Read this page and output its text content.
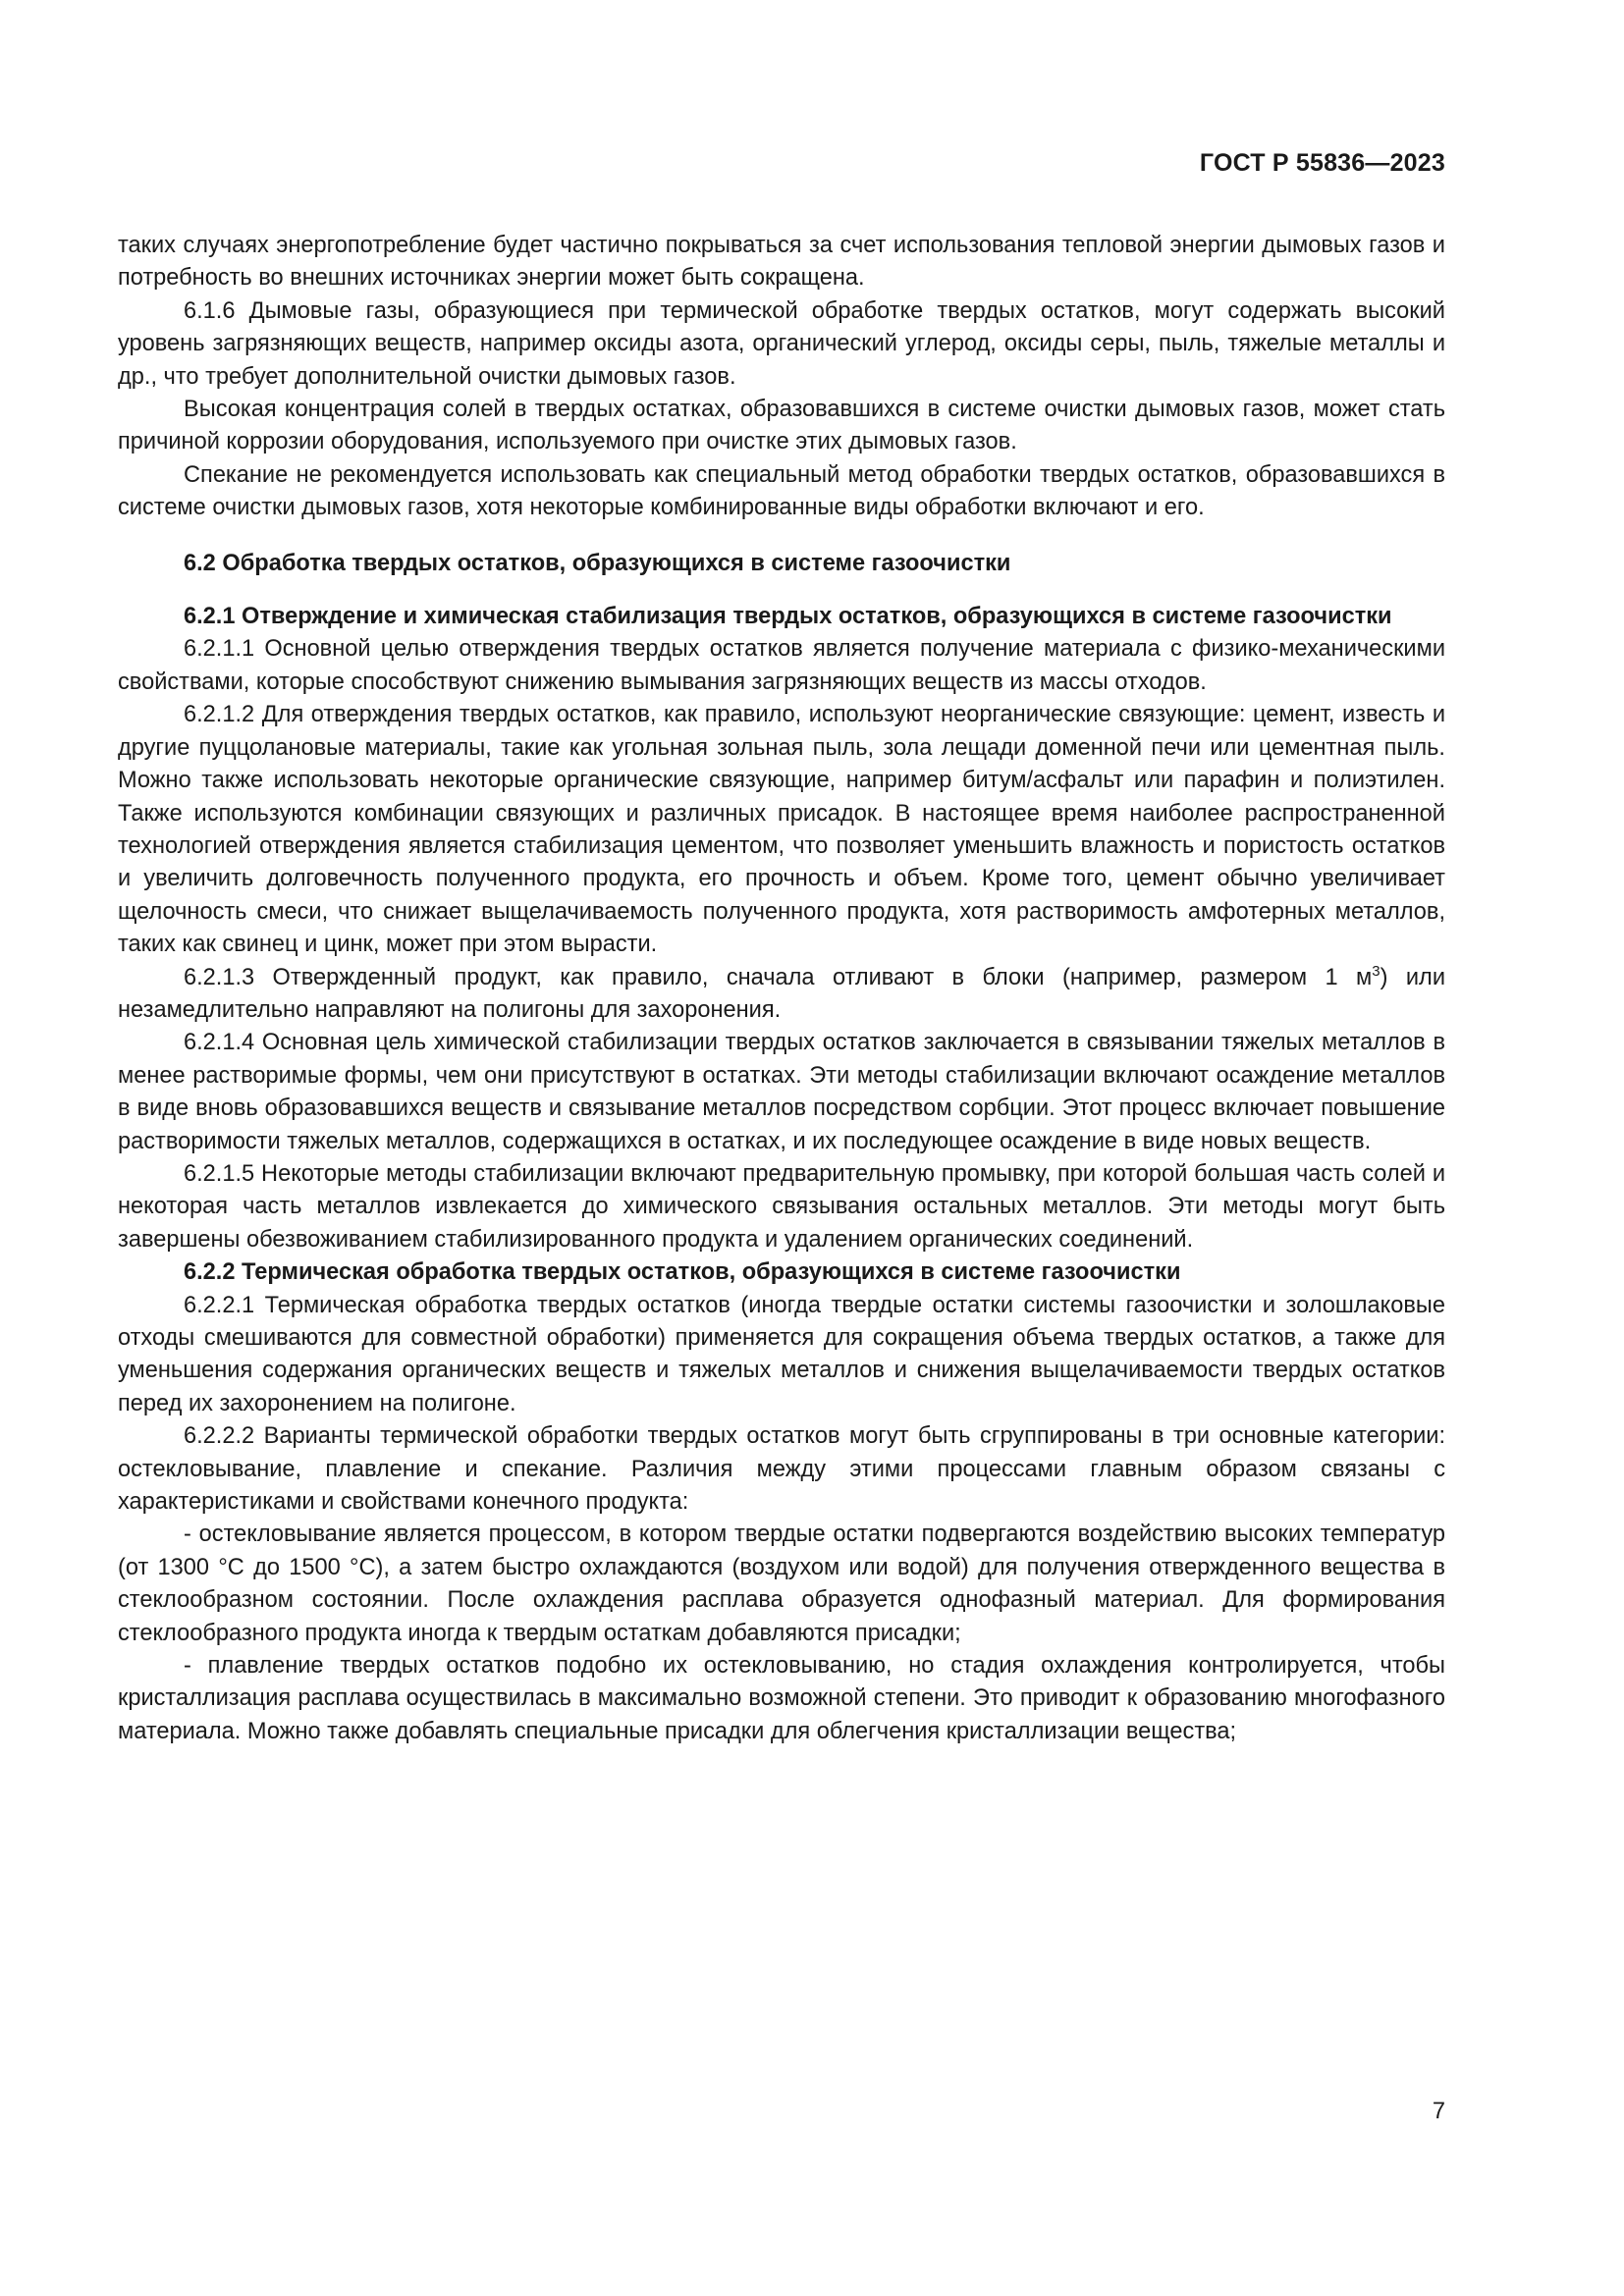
ГОСТ Р 55836—2023

таких случаях энергопотребление будет частично покрываться за счет использования тепловой энергии дымовых газов и потребность во внешних источниках энергии может быть сокращена.

6.1.6 Дымовые газы, образующиеся при термической обработке твердых остатков, могут содержать высокий уровень загрязняющих веществ, например оксиды азота, органический углерод, оксиды серы, пыль, тяжелые металлы и др., что требует дополнительной очистки дымовых газов.

Высокая концентрация солей в твердых остатках, образовавшихся в системе очистки дымовых газов, может стать причиной коррозии оборудования, используемого при очистке этих дымовых газов.

Спекание не рекомендуется использовать как специальный метод обработки твердых остатков, образовавшихся в системе очистки дымовых газов, хотя некоторые комбинированные виды обработки включают и его.

6.2 Обработка твердых остатков, образующихся в системе газоочистки
6.2.1 Отверждение и химическая стабилизация твердых остатков, образующихся в системе газоочистки

6.2.1.1 Основной целью отверждения твердых остатков является получение материала с физико-механическими свойствами, которые способствуют снижению вымывания загрязняющих веществ из массы отходов.

6.2.1.2 Для отверждения твердых остатков, как правило, используют неорганические связующие: цемент, известь и другие пуццолановые материалы, такие как угольная зольная пыль, зола лещади доменной печи или цементная пыль. Можно также использовать некоторые органические связующие, например битум/асфальт или парафин и полиэтилен. Также используются комбинации связующих и различных присадок. В настоящее время наиболее распространенной технологией отверждения является стабилизация цементом, что позволяет уменьшить влажность и пористость остатков и увеличить долговечность полученного продукта, его прочность и объем. Кроме того, цемент обычно увеличивает щелочность смеси, что снижает выщелачиваемость полученного продукта, хотя растворимость амфотерных металлов, таких как свинец и цинк, может при этом вырасти.

6.2.1.3 Отвержденный продукт, как правило, сначала отливают в блоки (например, размером 1 $м^3$) или незамедлительно направляют на полигоны для захоронения.

6.2.1.4 Основная цель химической стабилизации твердых остатков заключается в связывании тяжелых металлов в менее растворимые формы, чем они присутствуют в остатках. Эти методы стабилизации включают осаждение металлов в виде вновь образовавшихся веществ и связывание металлов посредством сорбции. Этот процесс включает повышение растворимости тяжелых металлов, содержащихся в остатках, и их последующее осаждение в виде новых веществ.

6.2.1.5 Некоторые методы стабилизации включают предварительную промывку, при которой большая часть солей и некоторая часть металлов извлекается до химического связывания остальных металлов. Эти методы могут быть завершены обезвоживанием стабилизированного продукта и удалением органических соединений.

6.2.2 Термическая обработка твердых остатков, образующихся в системе газоочистки

6.2.2.1 Термическая обработка твердых остатков (иногда твердые остатки системы газоочистки и золошлаковые отходы смешиваются для совместной обработки) применяется для сокращения объема твердых остатков, а также для уменьшения содержания органических веществ и тяжелых металлов и снижения выщелачиваемости твердых остатков перед их захоронением на полигоне.

6.2.2.2 Варианты термической обработки твердых остатков могут быть сгруппированы в три основные категории: остекловывание, плавление и спекание. Различия между этими процессами главным образом связаны с характеристиками и свойствами конечного продукта:

- остекловывание является процессом, в котором твердые остатки подвергаются воздействию высоких температур (от 1300 °C до 1500 °C), а затем быстро охлаждаются (воздухом или водой) для получения отвержденного вещества в стеклообразном состоянии. После охлаждения расплава образуется однофазный материал. Для формирования стеклообразного продукта иногда к твердым остаткам добавляются присадки;

- плавление твердых остатков подобно их остекловыванию, но стадия охлаждения контролируется, чтобы кристаллизация расплава осуществилась в максимально возможной степени. Это приводит к образованию многофазного материала. Можно также добавлять специальные присадки для облегчения кристаллизации вещества;

7
